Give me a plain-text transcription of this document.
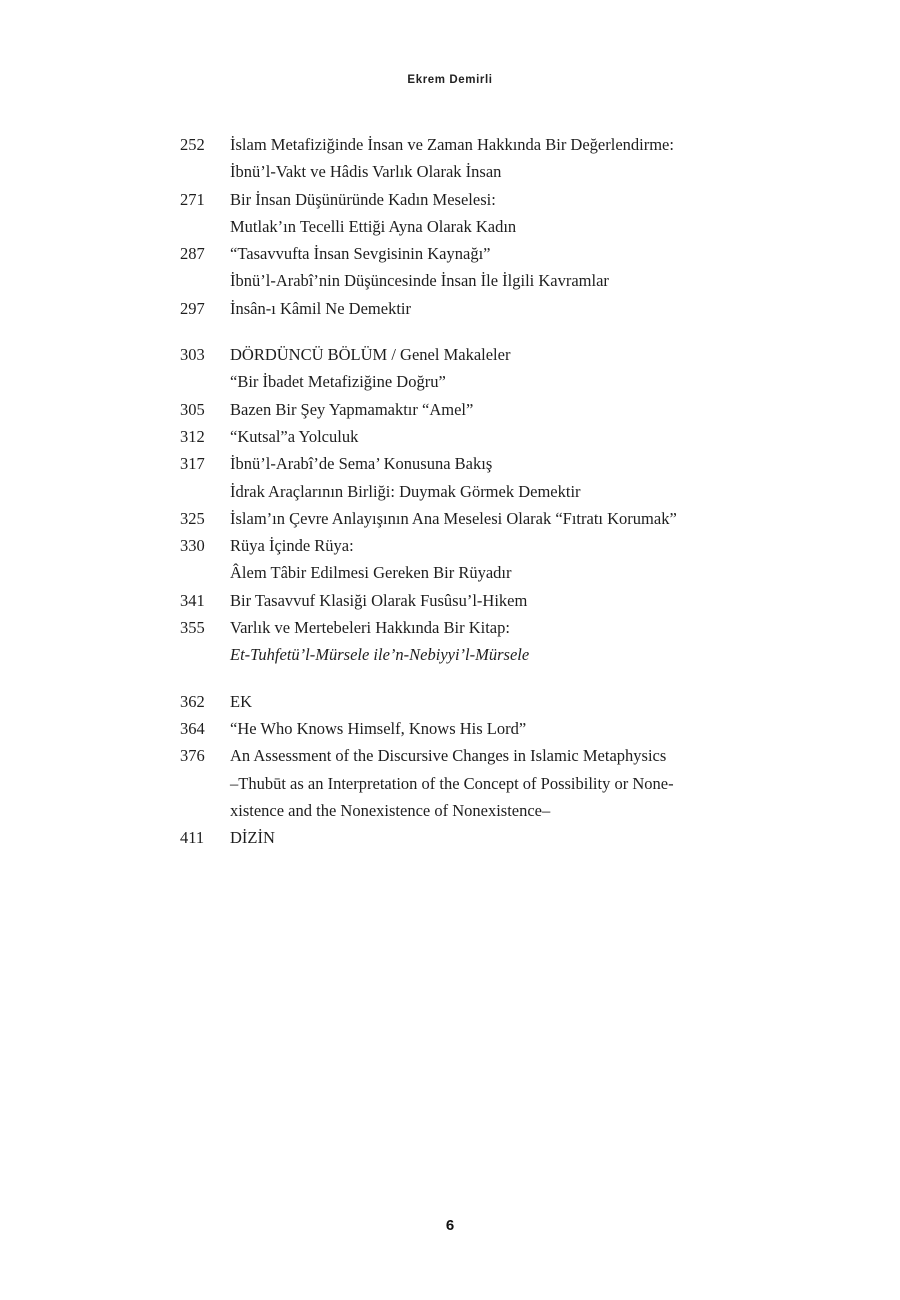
Ekrem Demirli
252	İslam Metafiziğinde İnsan ve Zaman Hakkında Bir Değerlendirme:
İbnü’l-Vakt ve Hâdis Varlık Olarak İnsan
271	Bir İnsan Düşünüründe Kadın Meselesi:
Mutlak’ın Tecelli Ettiği Ayna Olarak Kadın
287	“Tasavvufta İnsan Sevgisinin Kaynağı”
İbnü’l-Arabî’nin Düşüncesinde İnsan İle İlgili Kavramlar
297	İnsân-ı Kâmil Ne Demektir
303	DÖRDÜNCÜ BÖLÜM / Genel Makaleler
“Bir İbadet Metafiziğine Doğru”
305	Bazen Bir Şey Yapmamaktır “Amel”
312	“Kutsal”a Yolculuk
317	İbnü’l-Arabî’de Sema’ Konusuna Bakış
İdrak Araçlarının Birliği: Duymak Görmek Demektir
325	İslam’ın Çevre Anlayışının Ana Meselesi Olarak “Fıtratı Korumak”
330	Rüya İçinde Rüya:
Âlem Tâbir Edilmesi Gereken Bir Rüyadır
341	Bir Tasavvuf Klasiği Olarak Fusûsu’l-Hikem
355	Varlık ve Mertebeleri Hakkında Bir Kitap:
Et-Tuhfetü’l-Mürsele ile’n-Nebiyyi’l-Mürsele
362	EK
364	“He Who Knows Himself, Knows His Lord”
376	An Assessment of the Discursive Changes in Islamic Metaphysics
–Thubūt as an Interpretation of the Concept of Possibility or None-
xistence and the Nonexistence of Nonexistence–
411	DİZİN
6
